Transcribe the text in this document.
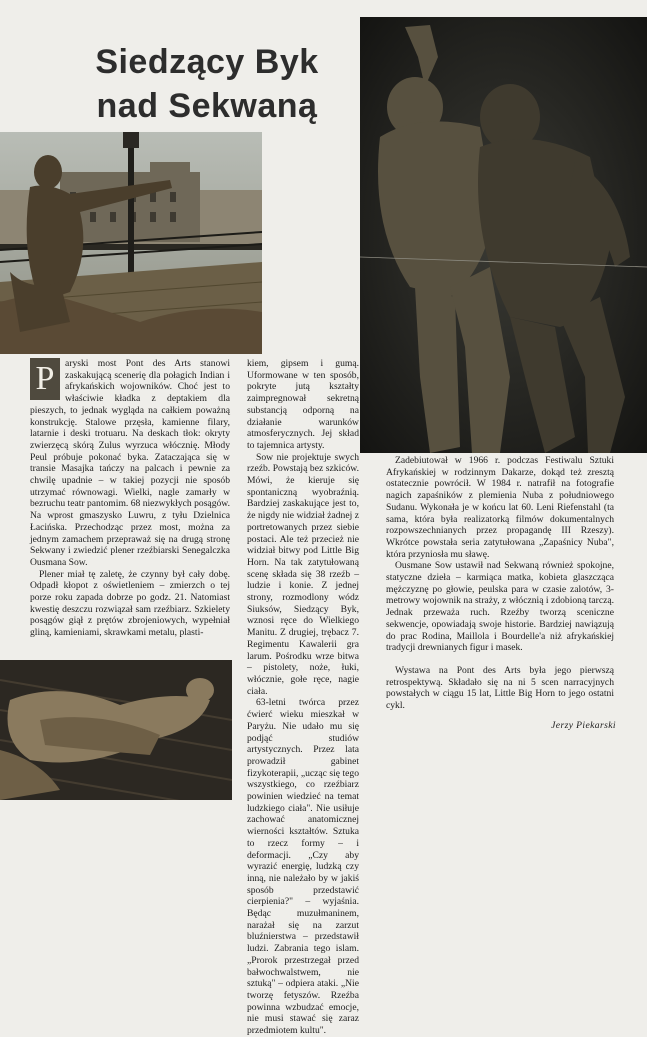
Siedzący Byk
nad Sekwaną
P	aryski most Pont des Arts stanowi zaskakującą scenerię dla połagich Indian i afrykańskich wojowników. Choć jest to właściwie kładka z deptakiem dla pieszych, to jednak wygląda na całkiem poważną konstrukcję. Stalowe przęsła, kamienne filary, latarnie i deski trotuaru. Na deskach tłok: okryty zwierzęcą skórą Zulus wyrzuca włócznię. Młody Peul próbuje pokonać byka. Zataczająca się w transie Masajka tańczy na palcach i pewnie za chwilę upadnie – w takiej pozycji nie sposób utrzymać równowagi. Wielki, nagle zamarły w bezruchu teatr pantomim. 68 niezwykłych posągów. Na wprost gmaszysko Luwru, z tyłu Dzielnica Łacińska. Przechodząc przez most, można za jednym zamachem przepraważ się na drugą stronę Sekwany i zwiedzić plener rzeźbiarski Senegalczka Ousmana Sow.

Plener miał tę zaletę, że czynny był cały dobę. Odpadł kłopot z oświetleniem – zmierzch o tej porze roku zapada dobrze po godz. 21. Natomiast kwestię deszczu rozwiązał sam rzeźbiarz. Szkielety posągów giął z prętów zbrojeniowych, wypełniał gliną, kamieniami, skrawkami metalu, plasti-

kiem, gipsem i gumą. Uformowane w ten sposób, pokryte jutą kształty zaimpregnował sekretną substancją odporną na działanie warunków atmosferycznych. Jej skład to tajemnica artysty.

Sow nie projektuje swych rzeźb. Powstają bez szkiców. Mówi, że kieruje się spontaniczną wyobraźnią. Bardziej zaskakujące jest to, że nigdy nie widział żadnej z portretowanych przez siebie postaci. Ale też przecież nie widział bitwy pod Little Big Horn. Na tak zatytułowaną scenę składa się 38 rzeźb – ludzie i konie. Z jednej strony, rozmodlony wódz Siuksów, Siedzący Byk, wznosi ręce do Wielkiego Manitu. Z drugiej, trębacz 7. Regimentu Kawalerii gra larum. Pośrodku wrze bitwa – pistolety, noże, łuki, włócznie, gołe ręce, nagie ciała.

63-letni twórca przez ćwierć wieku mieszkał w Paryżu. Nie udało mu się podjąć studiów artystycznych. Przez lata prowadził gabinet fizykoterapii, „ucząc się tego wszystkiego, co rzeźbiarz powinien wiedzieć na temat ludzkiego ciała". Nie usiłuje zachować anatomicznej wierności kształtów. Sztuka to rzecz formy – i deformacji. „Czy aby wyrazić energię, ludzką czy inną, nie należało by w jakiś sposób przedstawić cierpienia?" – wyjaśnia. Będąc muzułmaninem, narażał się na zarzut bluźnierstwa – przedstawił ludzi. Zabrania tego islam. „Prorok przestrzegał przed bałwochwalstwem, nie sztuką" – odpiera ataki. „Nie tworzę fetyszów. Rzeźba powinna wzbudzać emocje, nie musi stawać się zaraz przedmiotem kultu".

Zadebiutował w 1966 r. podczas Festiwalu Sztuki Afrykańskiej w rodzinnym Dakarze, dokąd też zresztą ostatecznie powrócił. W 1984 r. natrafił na fotografie nagich zapaśników z plemienia Nuba z południowego Sudanu. Wykonała je w końcu lat 60. Leni Riefenstahl (ta sama, która była realizatorką filmów dokumentalnych rozpowszechnianych przez propagandę III Rzeszy). Wkrótce powstała seria zatytułowana „Zapaśnicy Nuba", która przyniosła mu sławę.

Ousmane Sow ustawił nad Sekwaną również spokojne, statyczne dzieła – karmiąca matka, kobieta glaszcząca mężczyznę po głowie, peulska para w czasie zalotów, 3-metrowy wojownik na straży, z włócznią i zdobioną tarczą. Jednak przeważa ruch. Rzeźby tworzą sceniczne sekwencje, opowiadają swoje historie. Bardziej nawiązują do prac Rodina, Maillola i Bourdelle'a niż afrykańskiej tradycji drewnianych figur i masek.

Wystawa na Pont des Arts była jego pierwszą retrospektywą. Składało się na ni 5 scen narracyjnych powstałych w ciągu 15 lat, Little Big Horn to jego ostatni cykl.

Jerzy Piekarski
